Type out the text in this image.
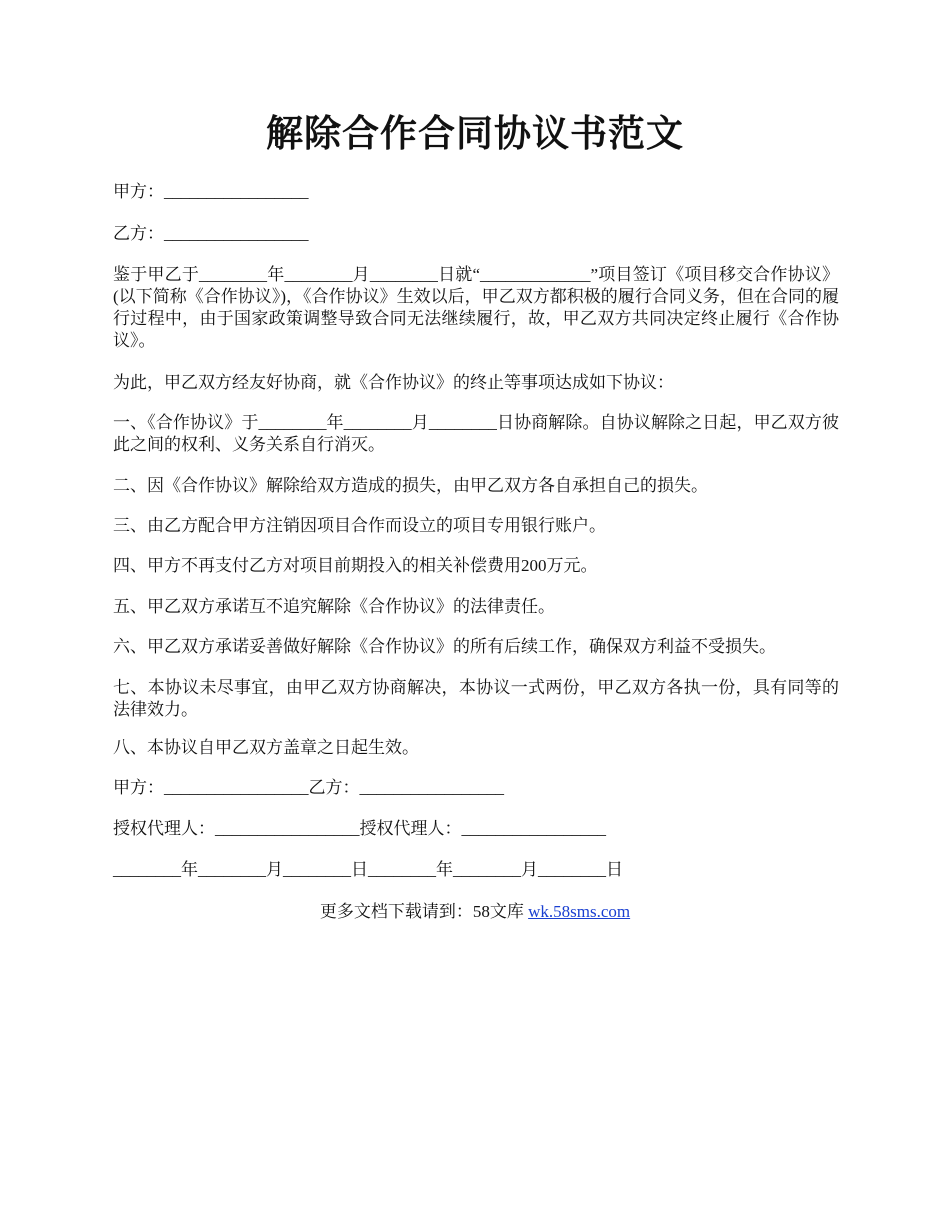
解除合作合同协议书范文
甲方：_________________
乙方：_________________
鉴于甲乙于________年________月________日就“_____________”项目签订《项目移交合作协议》(以下简称《合作协议》)，《合作协议》生效以后，甲乙双方都积极的履行合同义务，但在合同的履行过程中，由于国家政策调整导致合同无法继续履行，故，甲乙双方共同决定终止履行《合作协议》。
为此，甲乙双方经友好协商，就《合作协议》的终止等事项达成如下协议：
一、《合作协议》于________年________月________日协商解除。自协议解除之日起，甲乙双方彼此之间的权利、义务关系自行消灭。
二、因《合作协议》解除给双方造成的损失，由甲乙双方各自承担自己的损失。
三、由乙方配合甲方注销因项目合作而设立的项目专用银行账户。
四、甲方不再支付乙方对项目前期投入的相关补偿费用200万元。
五、甲乙双方承诺互不追究解除《合作协议》的法律责任。
六、甲乙双方承诺妥善做好解除《合作协议》的所有后续工作，确保双方利益不受损失。
七、本协议未尽事宜，由甲乙双方协商解决，本协议一式两份，甲乙双方各执一份，具有同等的法律效力。
八、本协议自甲乙双方盖章之日起生效。
甲方：_________________乙方：_________________
授权代理人：_________________授权代理人：_________________
________年________月________日________年________月________日
更多文档下载请到：58文库 wk.58sms.com
